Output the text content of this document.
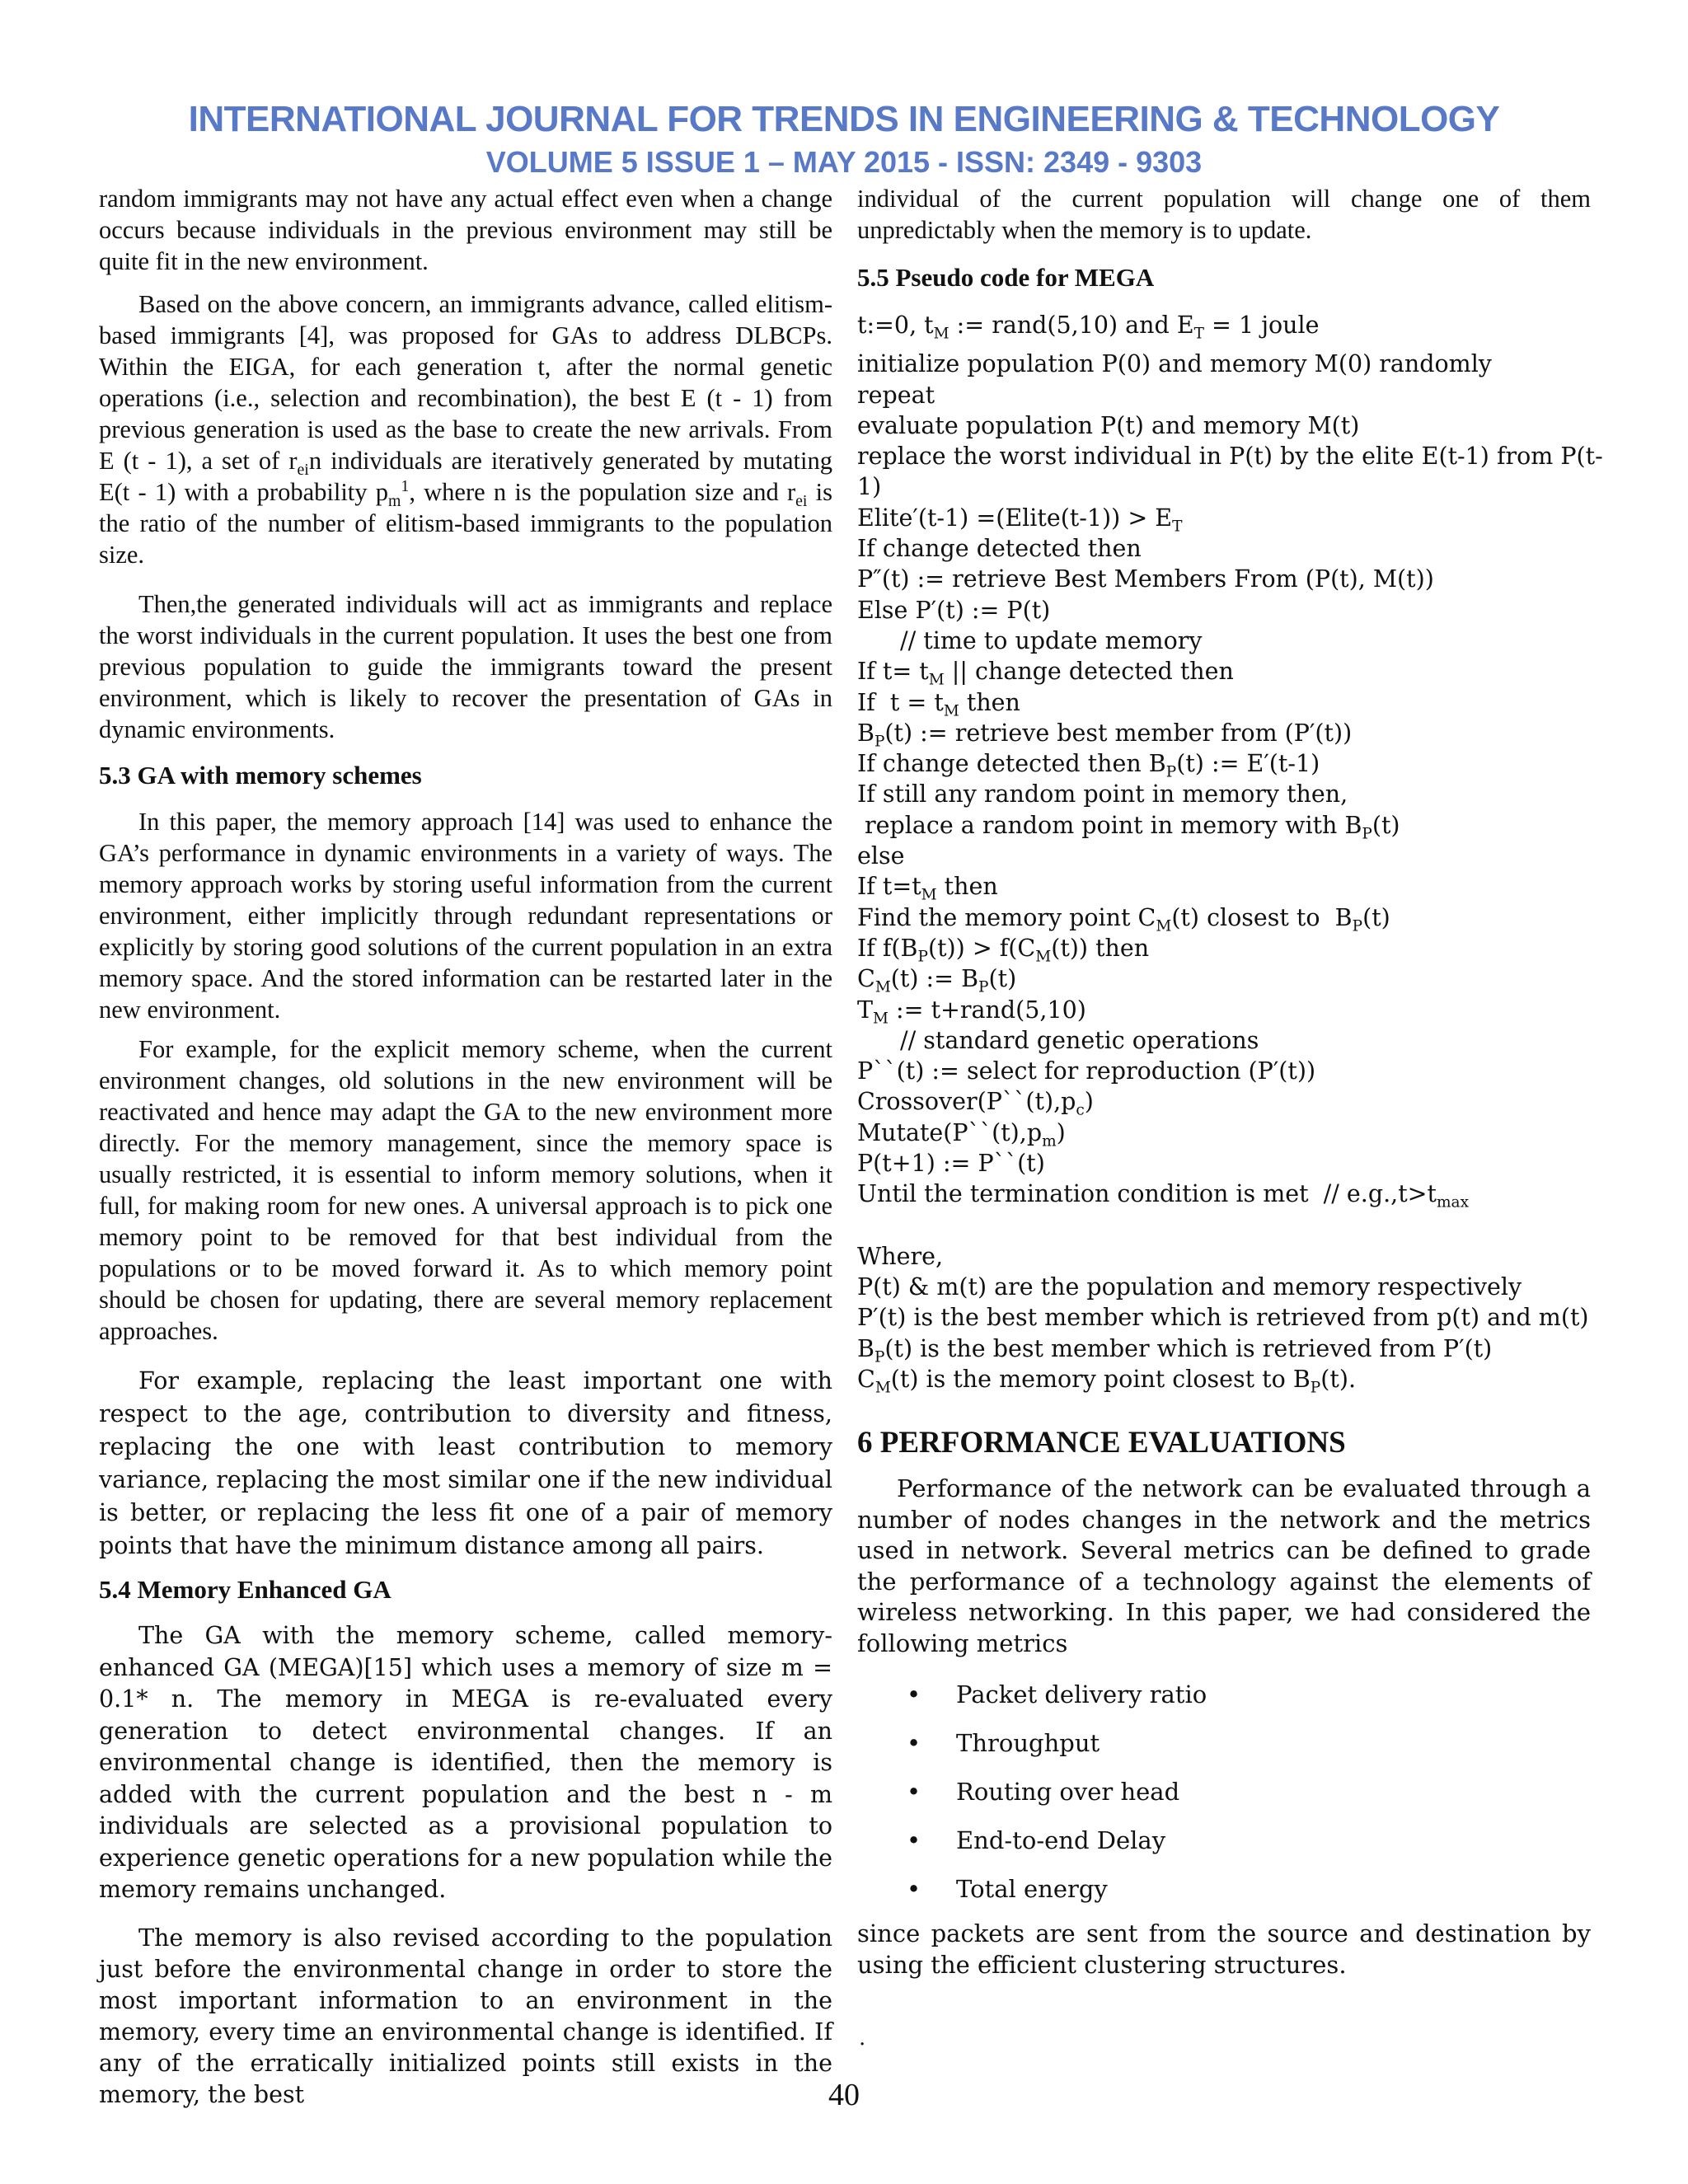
INTERNATIONAL JOURNAL FOR TRENDS IN ENGINEERING & TECHNOLOGY
VOLUME 5 ISSUE 1 – MAY 2015 - ISSN: 2349 - 9303

random immigrants may not have any actual effect even when a change occurs because individuals in the previous environment may still be quite fit in the new environment.

Based on the above concern, an immigrants advance, called elitism-based immigrants [4], was proposed for GAs to address DLBCPs. Within the EIGA, for each generation t, after the normal genetic operations (i.e., selection and recombination), the best E (t - 1) from previous generation is used as the base to create the new arrivals. From E (t - 1), a set of $r_{ei}n$ individuals are iteratively generated by mutating E(t - 1) with a probability $p_m^1$, where n is the population size and $r_{ei}$ is the ratio of the number of elitism-based immigrants to the population size.

Then,the generated individuals will act as immigrants and replace the worst individuals in the current population. It uses the best one from previous population to guide the immigrants toward the present environment, which is likely to recover the presentation of GAs in dynamic environments.

5.3 GA with memory schemes

In this paper, the memory approach [14] was used to enhance the GA’s performance in dynamic environments in a variety of ways. The memory approach works by storing useful information from the current environment, either implicitly through redundant representations or explicitly by storing good solutions of the current population in an extra memory space. And the stored information can be restarted later in the new environment.

For example, for the explicit memory scheme, when the current environment changes, old solutions in the new environment will be reactivated and hence may adapt the GA to the new environment more directly. For the memory management, since the memory space is usually restricted, it is essential to inform memory solutions, when it full, for making room for new ones. A universal approach is to pick one memory point to be removed for that best individual from the populations or to be moved forward it. As to which memory point should be chosen for updating, there are several memory replacement approaches.

For example, replacing the least important one with respect to the age, contribution to diversity and fitness, replacing the one with least contribution to memory variance, replacing the most similar one if the new individual is better, or replacing the less fit one of a pair of memory points that have the minimum distance among all pairs.

5.4 Memory Enhanced GA

The GA with the memory scheme, called memory-enhanced GA (MEGA)[15] which uses a memory of size m = 0.1* n. The memory in MEGA is re-evaluated every generation to detect environmental changes. If an environmental change is identified, then the memory is added with the current population and the best n - m individuals are selected as a provisional population to experience genetic operations for a new population while the memory remains unchanged.

The memory is also revised according to the population just before the environmental change in order to store the most important information to an environment in the memory, every time an environmental change is identified. If any of the erratically initialized points still exists in the memory, the best

individual of the current population will change one of them unpredictably when the memory is to update.

5.5 Pseudo code for MEGA

t:=0, $t_M$ := rand(5,10) and $E_T = 1$ joule
initialize population P(0) and memory M(0) randomly
repeat
evaluate population P(t) and memory M(t)
replace the worst individual in P(t) by the elite E(t-1) from P(t-
1)
Elite′(t-1) =(Elite(t-1)) > $E_T$
If change detected then
P″(t) := retrieve Best Members From (P(t), M(t))
Else P′(t) := P(t)
// time to update memory
If $t= t_M$ || change detected then
If  $t = t_M$ then
$B_P(t)$ := retrieve best member from (P′(t))
If change detected then $B_P(t)$ := E′(t-1)
If still any random point in memory then,
replace a random point in memory with $B_P(t)$
else
If $t=t_M$ then
Find the memory point $C_M(t)$ closest to  $B_P(t)$
If $f(B_P(t)) > f(C_M(t))$ then
$C_M(t)$ := $B_P(t)$
$T_M$ := t+rand(5,10)
// standard genetic operations
P``(t) := select for reproduction (P′(t))
$Crossover(P``(t),p_c)$
$Mutate(P``(t),p_m)$
P(t+1) := P``(t)
Until the termination condition is met  // $e.g.,t>t_{max}$
Where,
P(t) & m(t) are the population and memory respectively
P′(t) is the best member which is retrieved from p(t) and m(t)
$B_P(t)$ is the best member which is retrieved from P′(t)
$C_M(t)$ is the memory point closest to $B_P(t)$.

6 PERFORMANCE EVALUATIONS

Performance of the network can be evaluated through a number of nodes changes in the network and the metrics used in network. Several metrics can be defined to grade the performance of a technology against the elements of wireless networking. In this paper, we had considered the following metrics

• Packet delivery ratio
• Throughput
• Routing over head
• End-to-end Delay
• Total energy

since packets are sent from the source and destination by using the efficient clustering structures.

.
40
